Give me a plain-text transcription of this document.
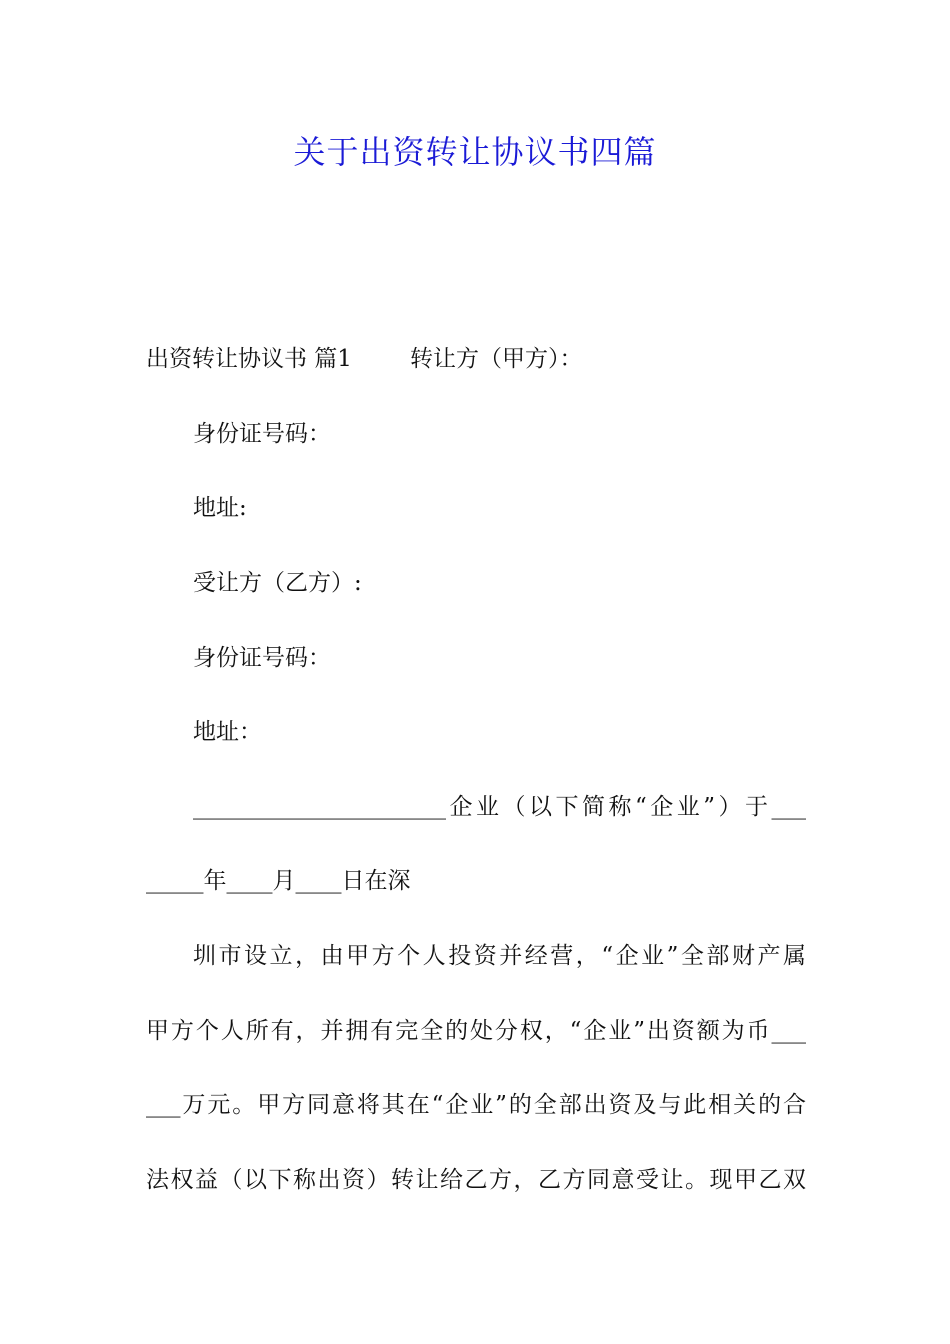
关于出资转让协议书四篇

出资转让协议书 篇1	转让方（甲方）：

身份证号码：

地址:

受让方（乙方）:

身份证号码：

地址：

______________________企业（以下简称“企业”）于___

_____年____月____日在深

圳市设立，由甲方个人投资并经营，“企业”全部财产属

甲方个人所有，并拥有完全的处分权，“企业”出资额为币___

___万元。甲方同意将其在“企业”的全部出资及与此相关的合

法权益（以下称出资）转让给乙方，乙方同意受让。现甲乙双
